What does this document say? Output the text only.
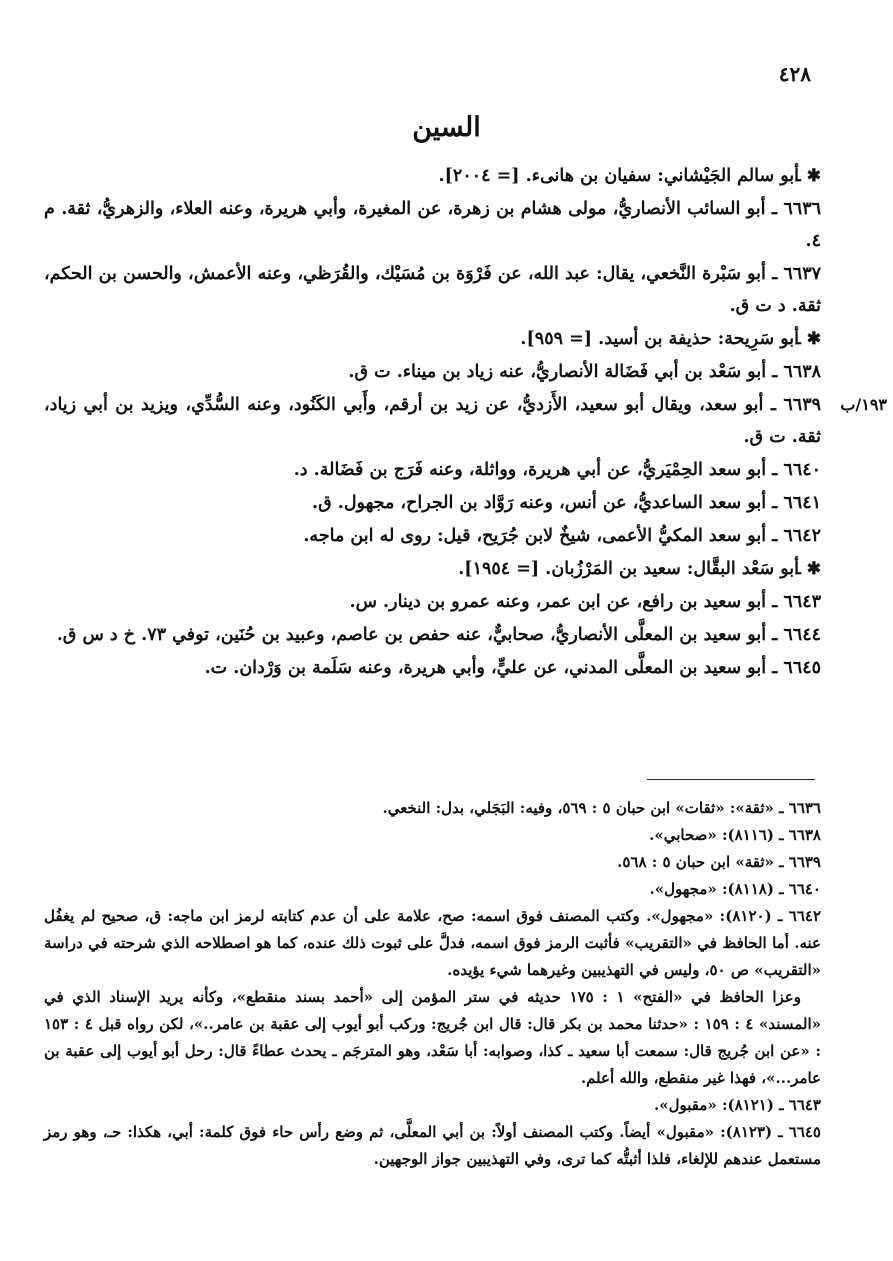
٤٢٨
السين

✱ ـ
أبو سالم الجَيْشاني: سفيان بن هانىء. [= ٢٠٠٤].

٦٦٣٦ ـ أبو السائب الأنصاريُّ، مولى هشام بن زهرة، عن المغيرة، وأبي هريرة، وعنه العلاء، والزهريُّ، ثقة. م ٤.

٦٦٣٧ ـ أبو سَبْرة النَّخعي، يقال: عبد الله، عن فَرْوَة بن مُسَيْك، والقُرَظي، وعنه الأعمش، والحسن بن الحكم، ثقة. د ت ق.

✱ ـ
أبو سَرِيحة: حذيفة بن أسيد. [= ٩٥٩].

٦٦٣٨ ـ أبو سَعْد بن أبي فَضَالة الأنصاريُّ، عنه زياد بن ميناء. ت ق.

١٩٣/ب
٦٦٣٩ ـ أبو سعد، ويقال أبو سعيد، الأَزديُّ، عن زيد بن أرقم، وأَبي الكَنُود، وعنه السُّدِّي، ويزيد بن أبي زياد، ثقة. ت ق.

٦٦٤٠ ـ أبو سعد الحِمْيَريُّ، عن أبي هريرة، وواثلة، وعنه فَرَج بن فَضَالة. د.

٦٦٤١ ـ أبو سعد الساعديُّ، عن أنس، وعنه رَوَّاد بن الجراح، مجهول. ق.

٦٦٤٢ ـ أبو سعد المكيُّ الأعمى، شيخٌ لابن جُرَيح، قيل: روى له ابن ماجه.

✱ ـ
أبو سَعْد البقَّال: سعيد بن المَرْزُبان. [= ١٩٥٤].

٦٦٤٣ ـ أبو سعيد بن رافع، عن ابن عمر، وعنه عمرو بن دينار. س.

٦٦٤٤ ـ أبو سعيد بن المعلَّى الأنصاريُّ، صحابيٌّ، عنه حفص بن عاصم، وعبيد بن حُنَين، توفي ٧٣. خ د س ق.

٦٦٤٥ ـ أبو سعيد بن المعلَّى المدني، عن عليٍّ، وأبي هريرة، وعنه سَلَمة بن وَرْدان. ت.

٦٦٣٦ ـ «ثقة»: «ثقات» ابن حبان ٥ : ٥٦٩، وفيه: البَجَلي، بدل: النخعي.

٦٦٣٨ ـ (٨١١٦): «صحابي».

٦٦٣٩ ـ «ثقة» ابن حبان ٥ : ٥٦٨.

٦٦٤٠ ـ (٨١١٨): «مجهول».

٦٦٤٢ ـ (٨١٢٠): «مجهول». وكتب المصنف فوق اسمه: صح، علامة على أن عدم كتابته لرمز ابن ماجه: ق، صحيح لم يغفُل عنه. أما الحافظ في «التقريب» فأثبت الرمز فوق اسمه، فدلَّ على ثبوت ذلك عنده، كما هو اصطلاحه الذي شرحته في دراسة «التقريب» ص ٥٠، وليس في التهذيبين وغيرهما شيء يؤيده.

وعزا الحافظ في «الفتح» ١ : ١٧٥ حديثه في ستر المؤمن إلى «أحمد بسند منقطع»، وكأنه يريد الإسناد الذي في «المسند» ٤ : ١٥٩ : «حدثنا محمد بن بكر قال: قال ابن جُريج: وركب أبو أيوب إلى عقبة بن عامر..»، لكن رواه قبل ٤ : ١٥٣ : «عن ابن جُريج قال: سمعت أبا سعيد ـ كذا، وصوابه: أبا سَعْد، وهو المترجَم ـ يحدث عطاءً قال: رحل أبو أيوب إلى عقبة بن عامر...»، فهذا غير منقطع، والله أعلم.

٦٦٤٣ ـ (٨١٢١): «مقبول».

٦٦٤٥ ـ (٨١٢٣): «مقبول» أيضاً. وكتب المصنف أولاً: بن أبي المعلَّى، ثم وضع رأس حاء فوق كلمة: أبي، هكذا: حـ، وهو رمز مستعمل عندهم للإلغاء، فلذا أثبتُّه كما ترى، وفي التهذيبين جواز الوجهين.
